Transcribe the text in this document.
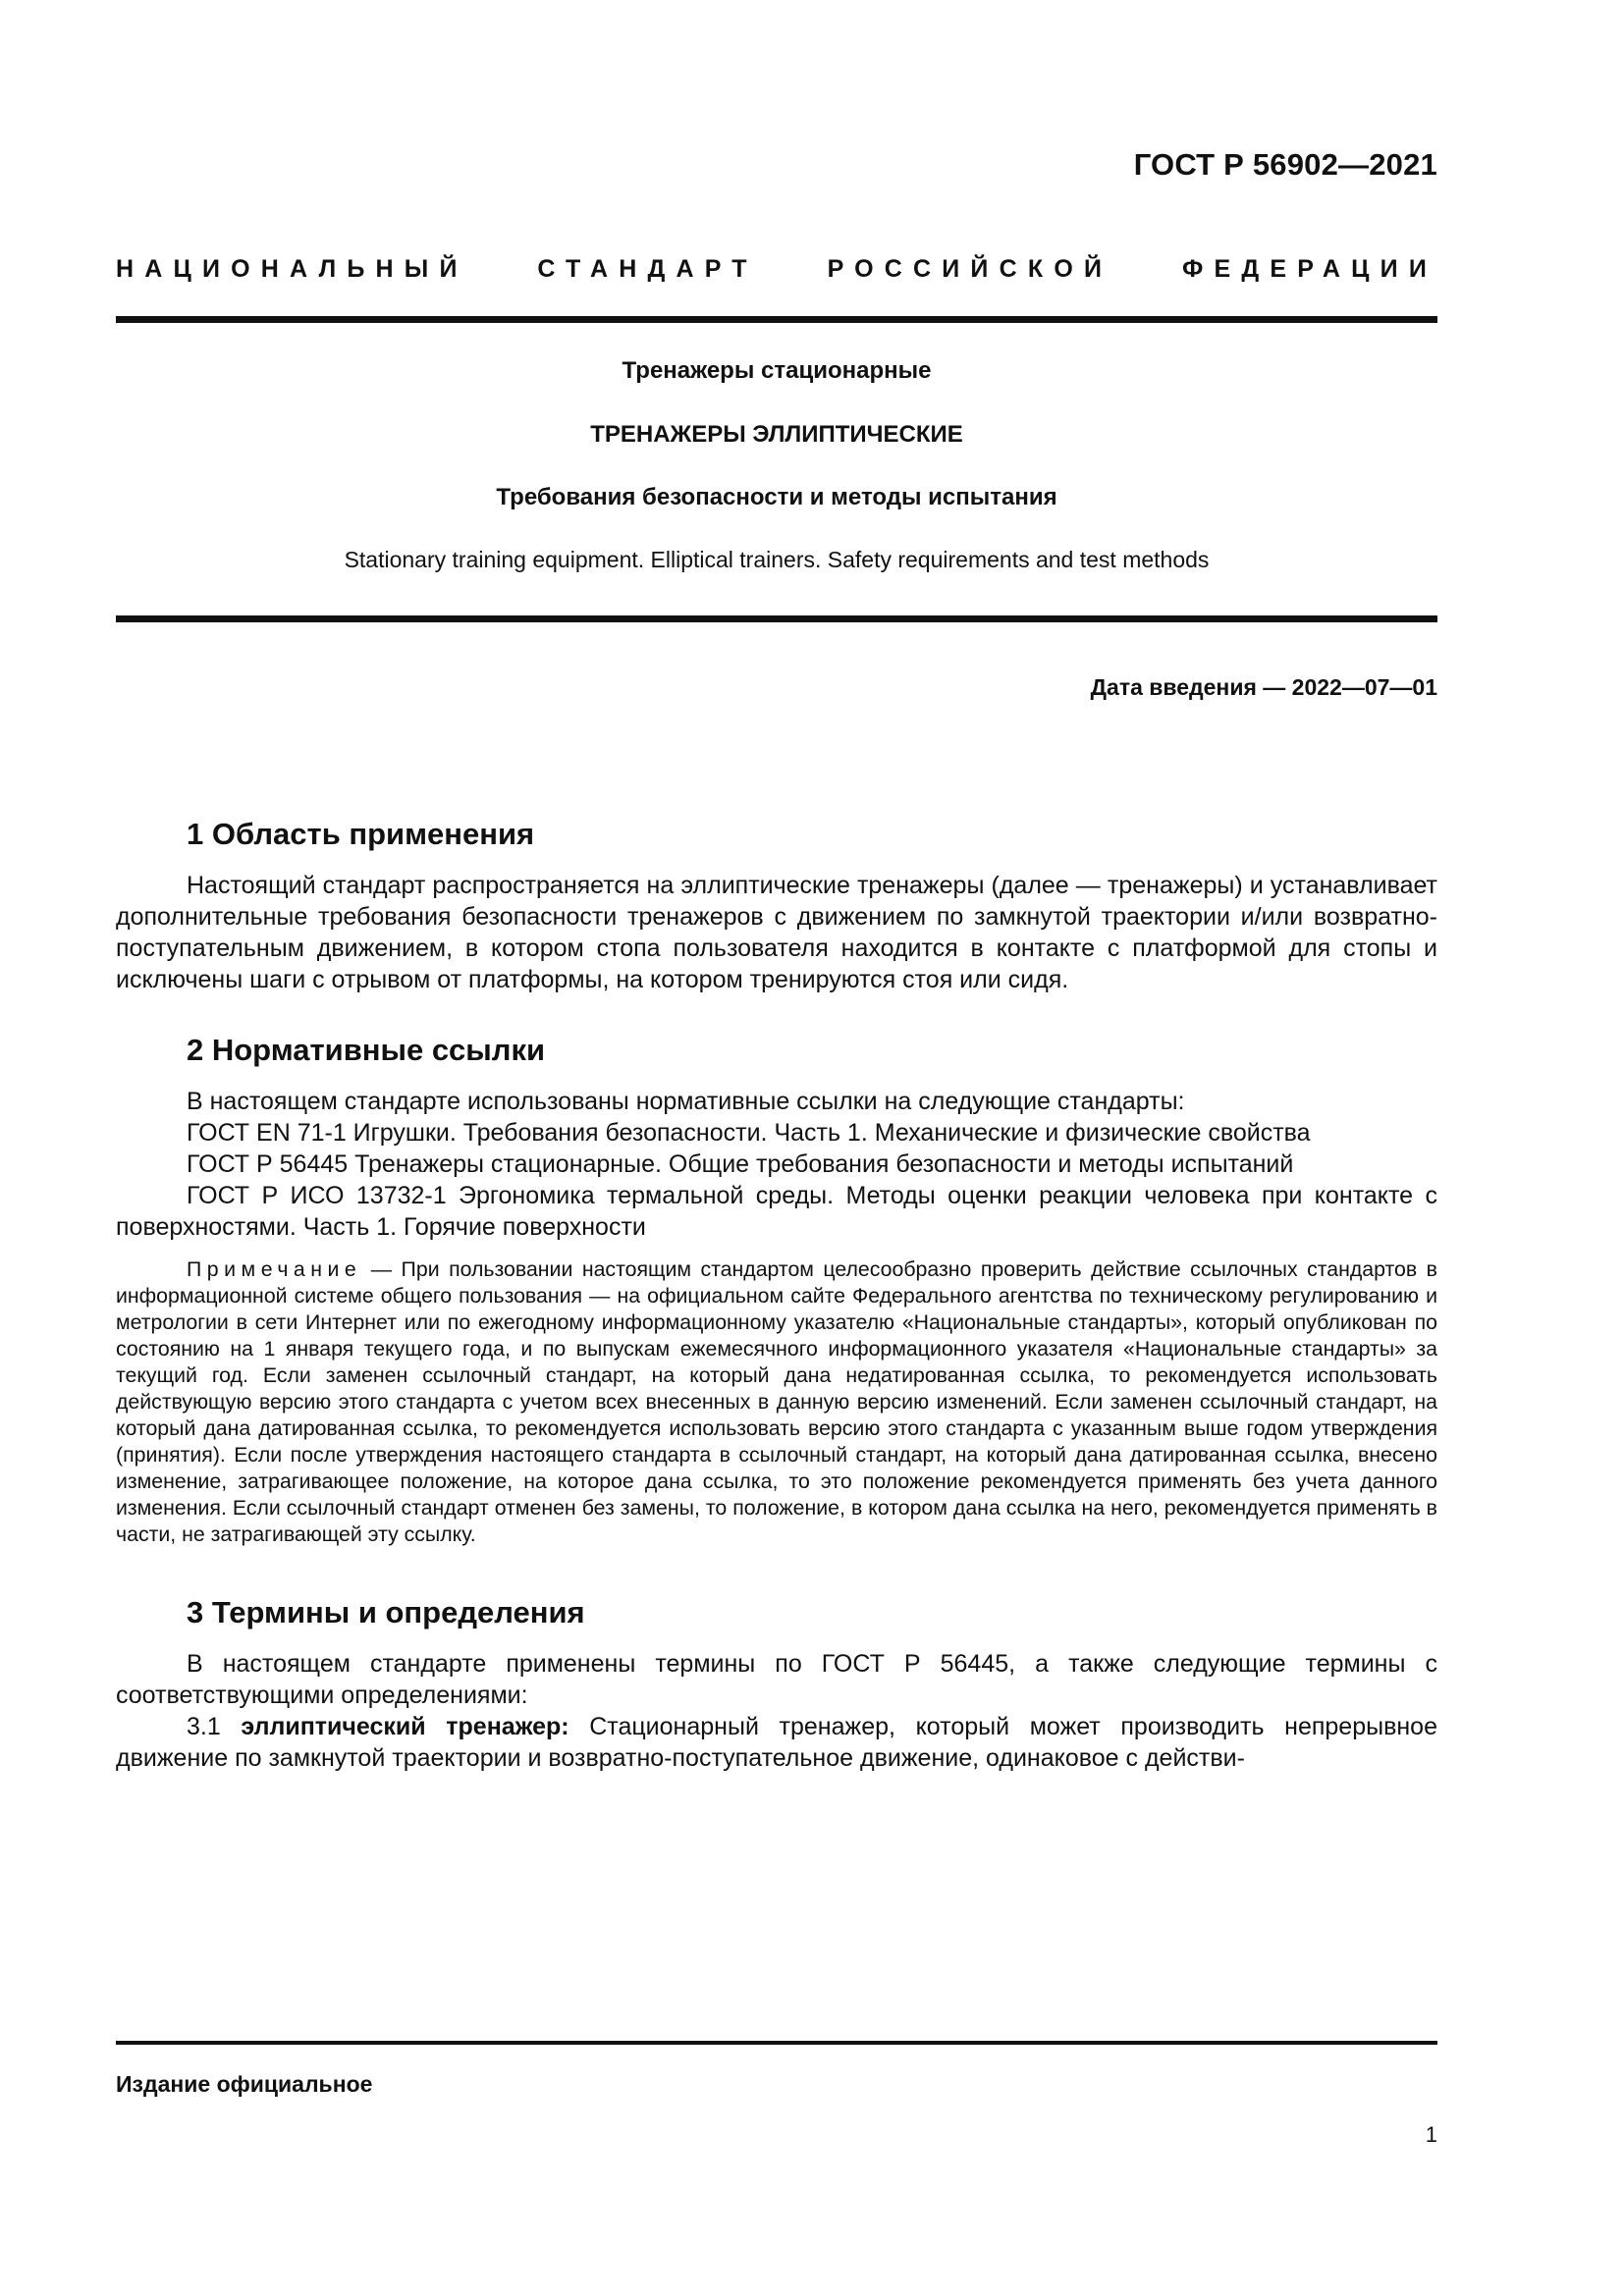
ГОСТ Р 56902—2021
НАЦИОНАЛЬНЫЙ СТАНДАРТ РОССИЙСКОЙ ФЕДЕРАЦИИ
Тренажеры стационарные
ТРЕНАЖЕРЫ ЭЛЛИПТИЧЕСКИЕ
Требования безопасности и методы испытания
Stationary training equipment. Elliptical trainers. Safety requirements and test methods
Дата введения — 2022—07—01
1 Область применения

Настоящий стандарт распространяется на эллиптические тренажеры (далее — тренажеры) и устанавливает дополнительные требования безопасности тренажеров с движением по замкнутой траектории и/или возвратно-поступательным движением, в котором стопа пользователя находится в контакте с платформой для стопы и исключены шаги с отрывом от платформы, на котором тренируются стоя или сидя.

2 Нормативные ссылки

В настоящем стандарте использованы нормативные ссылки на следующие стандарты:

ГОСТ EN 71-1 Игрушки. Требования безопасности. Часть 1. Механические и физические свойства

ГОСТ Р 56445 Тренажеры стационарные. Общие требования безопасности и методы испытаний

ГОСТ Р ИСО 13732-1 Эргономика термальной среды. Методы оценки реакции человека при контакте с поверхностями. Часть 1. Горячие поверхности

Примечание — При пользовании настоящим стандартом целесообразно проверить действие ссылочных стандартов в информационной системе общего пользования — на официальном сайте Федерального агентства по техническому регулированию и метрологии в сети Интернет или по ежегодному информационному указателю «Национальные стандарты», который опубликован по состоянию на 1 января текущего года, и по выпускам ежемесячного информационного указателя «Национальные стандарты» за текущий год. Если заменен ссылочный стандарт, на который дана недатированная ссылка, то рекомендуется использовать действующую версию этого стандарта с учетом всех внесенных в данную версию изменений. Если заменен ссылочный стандарт, на который дана датированная ссылка, то рекомендуется использовать версию этого стандарта с указанным выше годом утверждения (принятия). Если после утверждения настоящего стандарта в ссылочный стандарт, на который дана датированная ссылка, внесено изменение, затрагивающее положение, на которое дана ссылка, то это положение рекомендуется применять без учета данного изменения. Если ссылочный стандарт отменен без замены, то положение, в котором дана ссылка на него, рекомендуется применять в части, не затрагивающей эту ссылку.

3 Термины и определения

В настоящем стандарте применены термины по ГОСТ Р 56445, а также следующие термины с соответствующими определениями:

3.1 эллиптический тренажер: Стационарный тренажер, который может производить непрерывное движение по замкнутой траектории и возвратно-поступательное движение, одинаковое с действи-

Издание официальное
1
